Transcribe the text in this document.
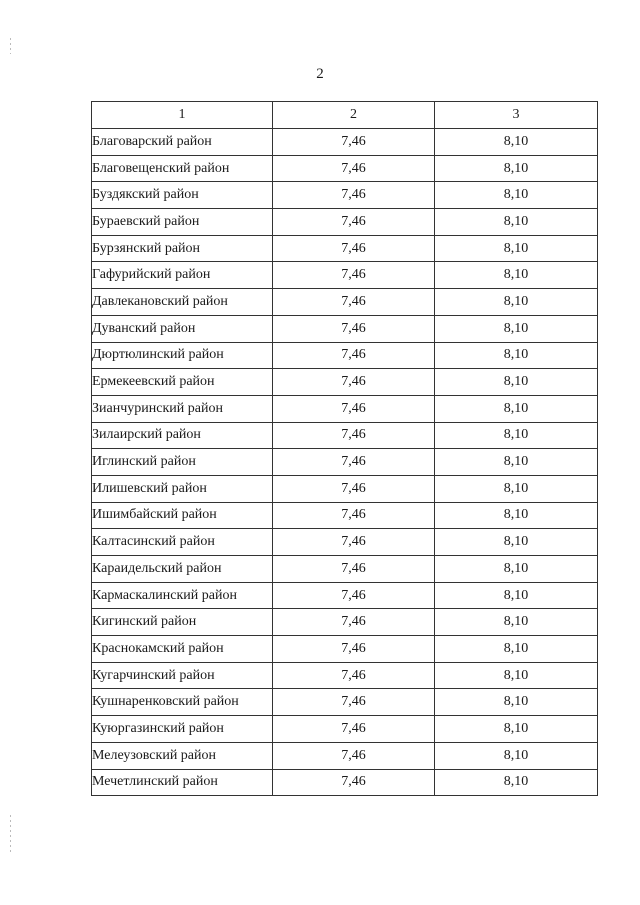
2
1	2	3
Благоварский район	7,46	8,10
Благовещенский район	7,46	8,10
Буздякский район	7,46	8,10
Бураевский район	7,46	8,10
Бурзянский район	7,46	8,10
Гафурийский район	7,46	8,10
Давлекановский район	7,46	8,10
Дуванский район	7,46	8,10
Дюртюлинский район	7,46	8,10
Ермекеевский район	7,46	8,10
Зианчуринский район	7,46	8,10
Зилаирский район	7,46	8,10
Иглинский район	7,46	8,10
Илишевский район	7,46	8,10
Ишимбайский район	7,46	8,10
Калтасинский район	7,46	8,10
Караидельский район	7,46	8,10
Кармаскалинский район	7,46	8,10
Кигинский район	7,46	8,10
Краснокамский район	7,46	8,10
Кугарчинский район	7,46	8,10
Кушнаренковский район	7,46	8,10
Куюргазинский район	7,46	8,10
Мелеузовский район	7,46	8,10
Мечетлинский район	7,46	8,10
